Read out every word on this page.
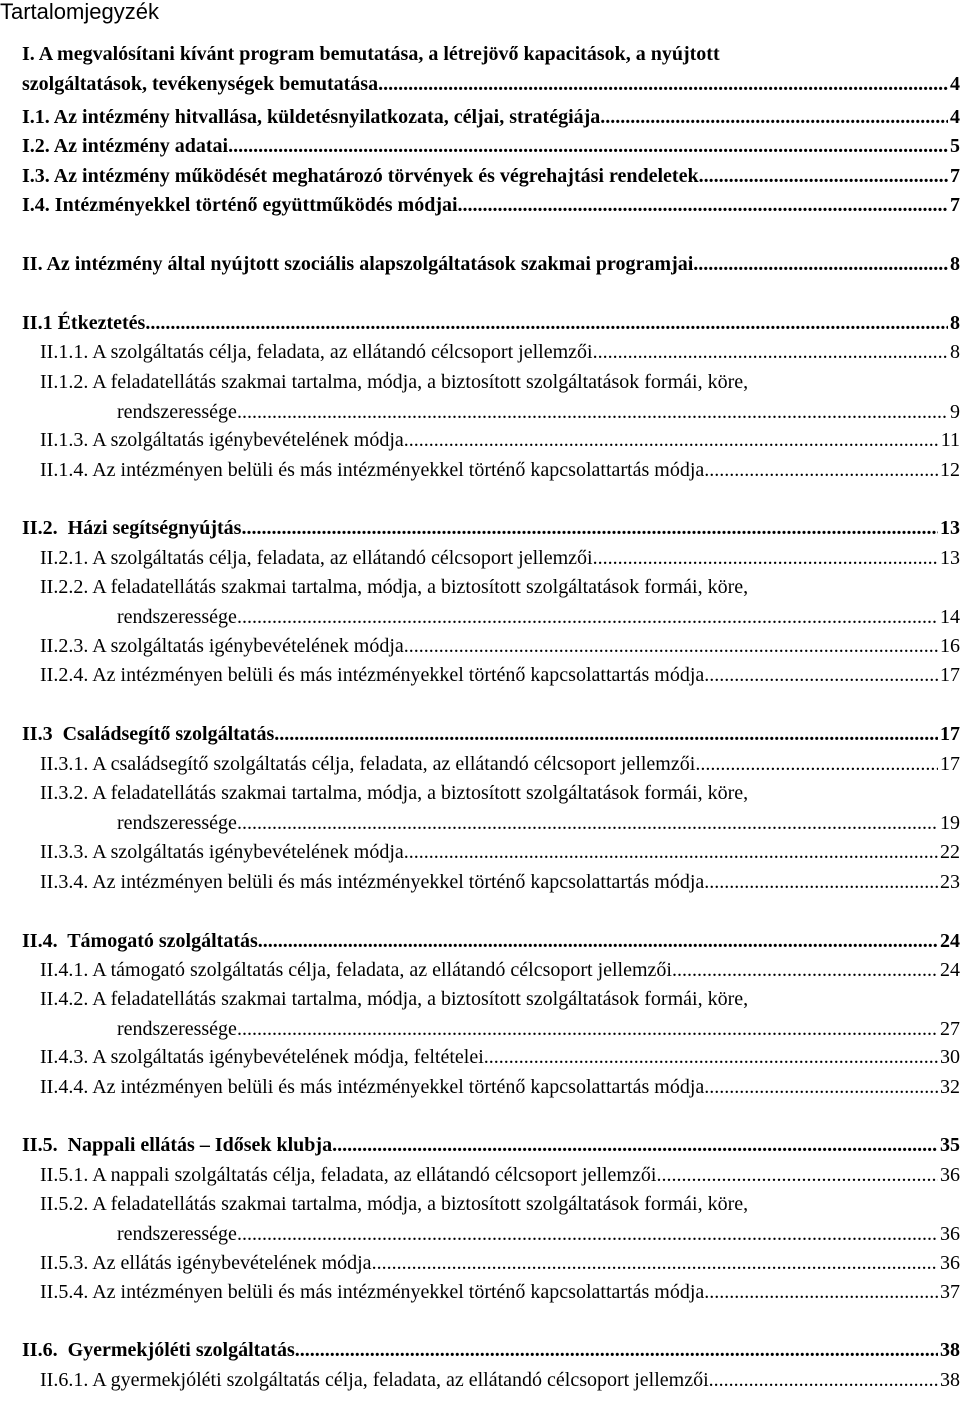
Tartalomjegyzék
I. A megvalósítani kívánt program bemutatása, a létrejövő kapacitások, a nyújtott
szolgáltatások, tevékenységek bemutatása .....	4
I.1. Az intézmény hitvallása, küldetésnyilatkozata, céljai, stratégiája .....	4
I.2. Az intézmény adatai .....	5
I.3. Az intézmény működését meghatározó törvények és végrehajtási rendeletek .....	7
I.4. Intézményekkel történő együttműködés módjai .....	7
II. Az intézmény által nyújtott szociális alapszolgáltatások szakmai programjai .....	8
II.1 Étkeztetés .....	8
II.1.1. A szolgáltatás célja, feladata, az ellátandó célcsoport jellemzői .....	8
II.1.2. A feladatellátás szakmai tartalma, módja, a biztosított szolgáltatások formái, köre,
rendszeressége .....	9
II.1.3. A szolgáltatás igénybevételének módja .....	11
II.1.4. Az intézményen belüli és más intézményekkel történő kapcsolattartás módja .....	12
II.2. Házi segítségnyújtás .....	13
II.2.1. A szolgáltatás célja, feladata, az ellátandó célcsoport jellemzői .....	13
II.2.2. A feladatellátás szakmai tartalma, módja, a biztosított szolgáltatások formái, köre,
rendszeressége .....	14
II.2.3. A szolgáltatás igénybevételének módja .....	16
II.2.4. Az intézményen belüli és más intézményekkel történő kapcsolattartás módja .....	17
II.3 Családsegítő szolgáltatás .....	17
II.3.1. A családsegítő szolgáltatás célja, feladata, az ellátandó célcsoport jellemzői .....	17
II.3.2. A feladatellátás szakmai tartalma, módja, a biztosított szolgáltatások formái, köre,
rendszeressége .....	19
II.3.3. A szolgáltatás igénybevételének módja .....	22
II.3.4. Az intézményen belüli és más intézményekkel történő kapcsolattartás módja .....	23
II.4. Támogató szolgáltatás .....	24
II.4.1. A támogató szolgáltatás célja, feladata, az ellátandó célcsoport jellemzői .....	24
II.4.2. A feladatellátás szakmai tartalma, módja, a biztosított szolgáltatások formái, köre,
rendszeressége .....	27
II.4.3. A szolgáltatás igénybevételének módja, feltételei .....	30
II.4.4. Az intézményen belüli és más intézményekkel történő kapcsolattartás módja .....	32
II.5. Nappali ellátás – Idősek klubja .....	35
II.5.1. A nappali szolgáltatás célja, feladata, az ellátandó célcsoport jellemzői .....	36
II.5.2. A feladatellátás szakmai tartalma, módja, a biztosított szolgáltatások formái, köre,
rendszeressége .....	36
II.5.3. Az ellátás igénybevételének módja .....	36
II.5.4. Az intézményen belüli és más intézményekkel történő kapcsolattartás módja .....	37
II.6. Gyermekjóléti szolgáltatás .....	38
II.6.1. A gyermekjóléti szolgáltatás célja, feladata, az ellátandó célcsoport jellemzői .....	38
